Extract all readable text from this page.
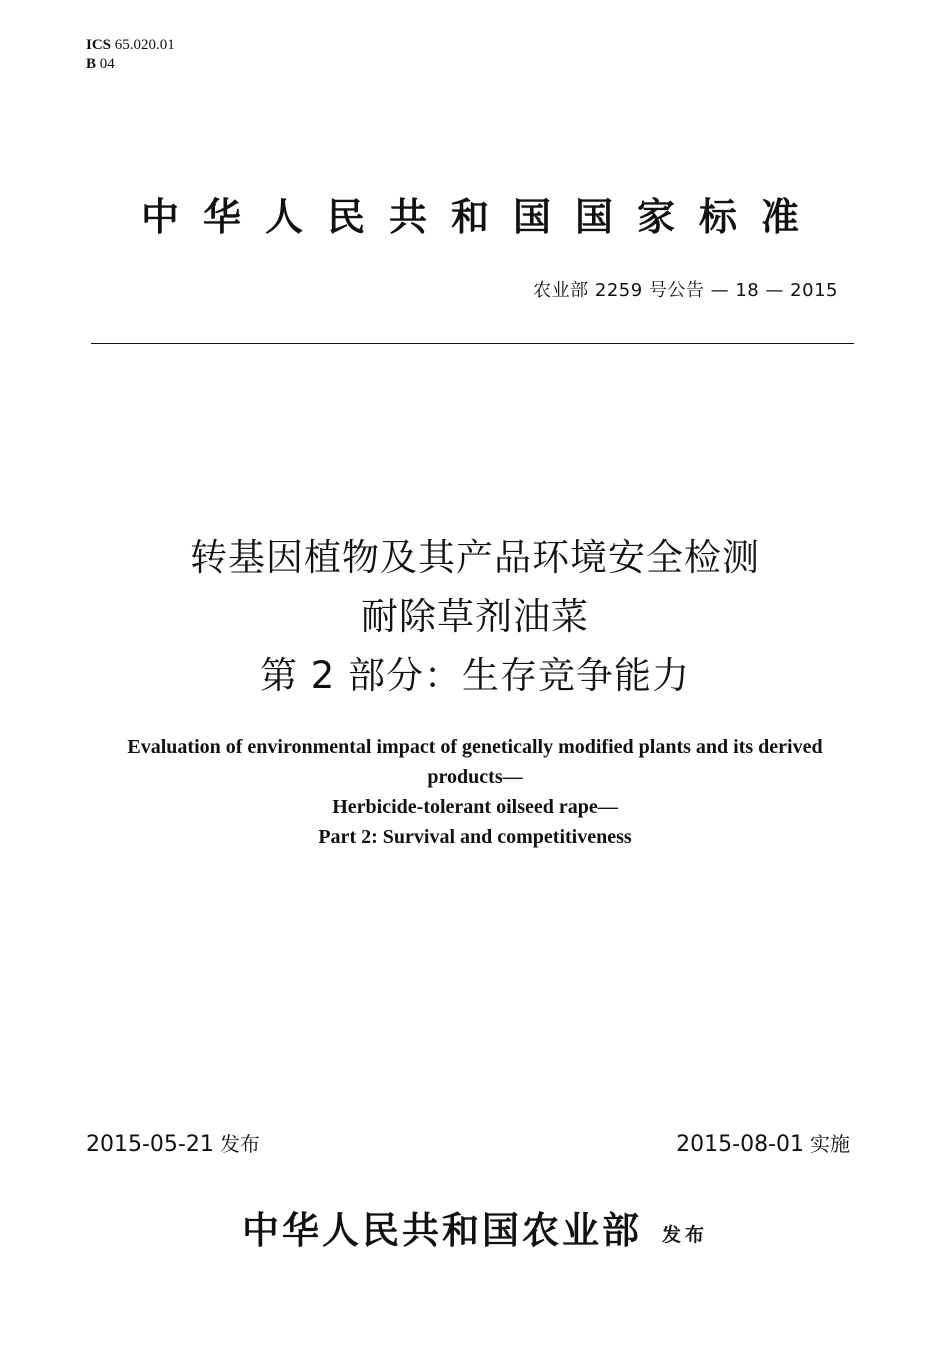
ICS 65.020.01
B 04
中华人民共和国国家标准
农业部 2259 号公告 — 18 — 2015
转基因植物及其产品环境安全检测
耐除草剂油菜
第 2 部分：生存竞争能力
Evaluation of environmental impact of genetically modified plants and its derived
products—
Herbicide-tolerant oilseed rape—
Part 2: Survival and competitiveness
2015-05-21 发布	2015-08-01 实施
中华人民共和国农业部 发布
